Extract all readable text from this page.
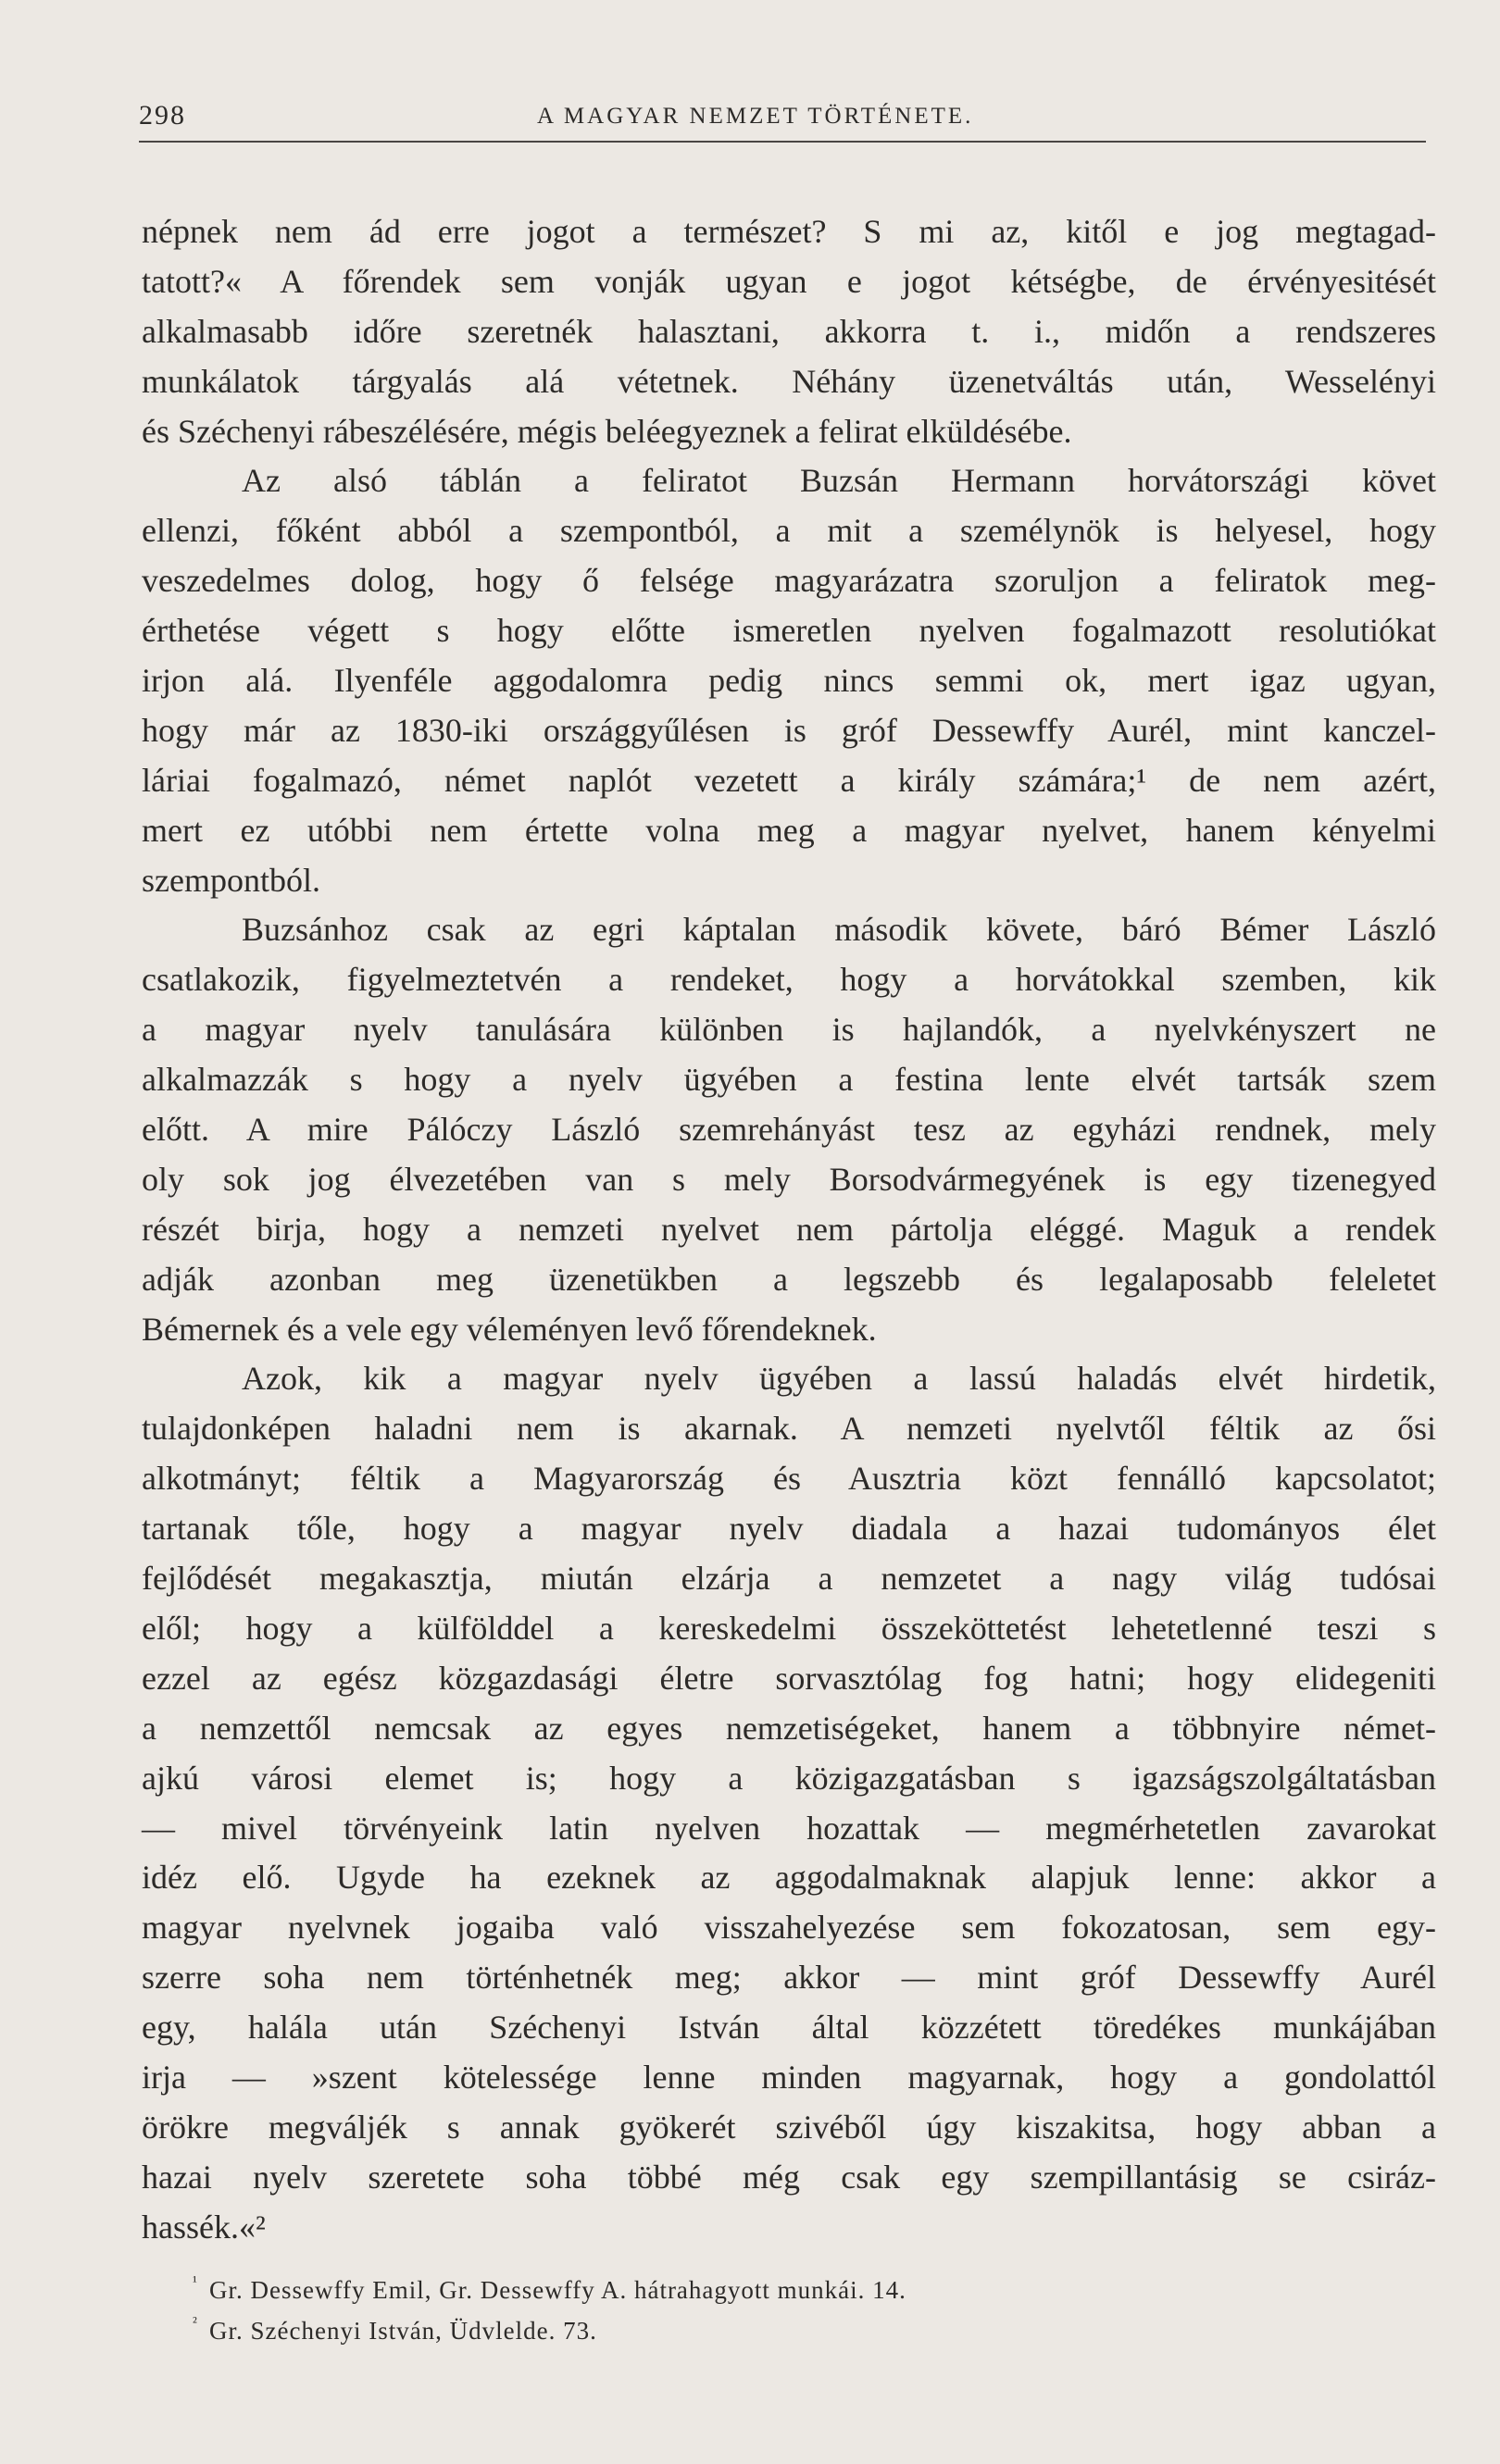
298	A MAGYAR NEMZET TÖRTÉNETE.
népnek nem ád erre jogot a természet? S mi az, kitől e jog megtagad-
tatott?« A főrendek sem vonják ugyan e jogot kétségbe, de érvényesitését
alkalmasabb időre szeretnék halasztani, akkorra t. i., midőn a rendszeres
munkálatok tárgyalás alá vétetnek. Néhány üzenetváltás után, Wesselényi
és Széchenyi rábeszélésére, mégis beléegyeznek a felirat elküldésébe.
Az alsó táblán a feliratot Buzsán Hermann horvátországi követ
ellenzi, főként abból a szempontból, a mit a személynök is helyesel, hogy
veszedelmes dolog, hogy ő felsége magyarázatra szoruljon a feliratok meg-
érthetése végett s hogy előtte ismeretlen nyelven fogalmazott resolutiókat
irjon alá. Ilyenféle aggodalomra pedig nincs semmi ok, mert igaz ugyan,
hogy már az 1830-iki országgyűlésen is gróf Dessewffy Aurél, mint kanczel-
láriai fogalmazó, német naplót vezetett a király számára;¹ de nem azért,
mert ez utóbbi nem értette volna meg a magyar nyelvet, hanem kényelmi
szempontból.
Buzsánhoz csak az egri káptalan második követe, báró Bémer László
csatlakozik, figyelmeztetvén a rendeket, hogy a horvátokkal szemben, kik
a magyar nyelv tanulására különben is hajlandók, a nyelvkényszert ne
alkalmazzák s hogy a nyelv ügyében a festina lente elvét tartsák szem
előtt. A mire Pálóczy László szemrehányást tesz az egyházi rendnek, mely
oly sok jog élvezetében van s mely Borsodvármegyének is egy tizenegyed
részét birja, hogy a nemzeti nyelvet nem pártolja eléggé. Maguk a rendek
adják azonban meg üzenetükben a legszebb és legalaposabb feleletet
Bémernek és a vele egy véleményen levő főrendeknek.
Azok, kik a magyar nyelv ügyében a lassú haladás elvét hirdetik,
tulajdonképen haladni nem is akarnak. A nemzeti nyelvtől féltik az ősi
alkotmányt; féltik a Magyarország és Ausztria közt fennálló kapcsolatot;
tartanak tőle, hogy a magyar nyelv diadala a hazai tudományos élet
fejlődését megakasztja, miután elzárja a nemzetet a nagy világ tudósai
elől; hogy a külfölddel a kereskedelmi összeköttetést lehetetlenné teszi s
ezzel az egész közgazdasági életre sorvasztólag fog hatni; hogy elidegeniti
a nemzettől nemcsak az egyes nemzetiségeket, hanem a többnyire német-
ajkú városi elemet is; hogy a közigazgatásban s igazságszolgáltatásban
— mivel törvényeink latin nyelven hozattak — megmérhetetlen zavarokat
idéz elő. Ugyde ha ezeknek az aggodalmaknak alapjuk lenne: akkor a
magyar nyelvnek jogaiba való visszahelyezése sem fokozatosan, sem egy-
szerre soha nem történhetnék meg; akkor — mint gróf Dessewffy Aurél
egy, halála után Széchenyi István által közzétett töredékes munkájában
irja — »szent kötelessége lenne minden magyarnak, hogy a gondolattól
örökre megváljék s annak gyökerét szivéből úgy kiszakitsa, hogy abban a
hazai nyelv szeretete soha többé még csak egy szempillantásig se csiráz-
hassék.«²
¹ Gr. Dessewffy Emil, Gr. Dessewffy A. hátrahagyott munkái. 14.
² Gr. Széchenyi István, Üdvlelde. 73.
